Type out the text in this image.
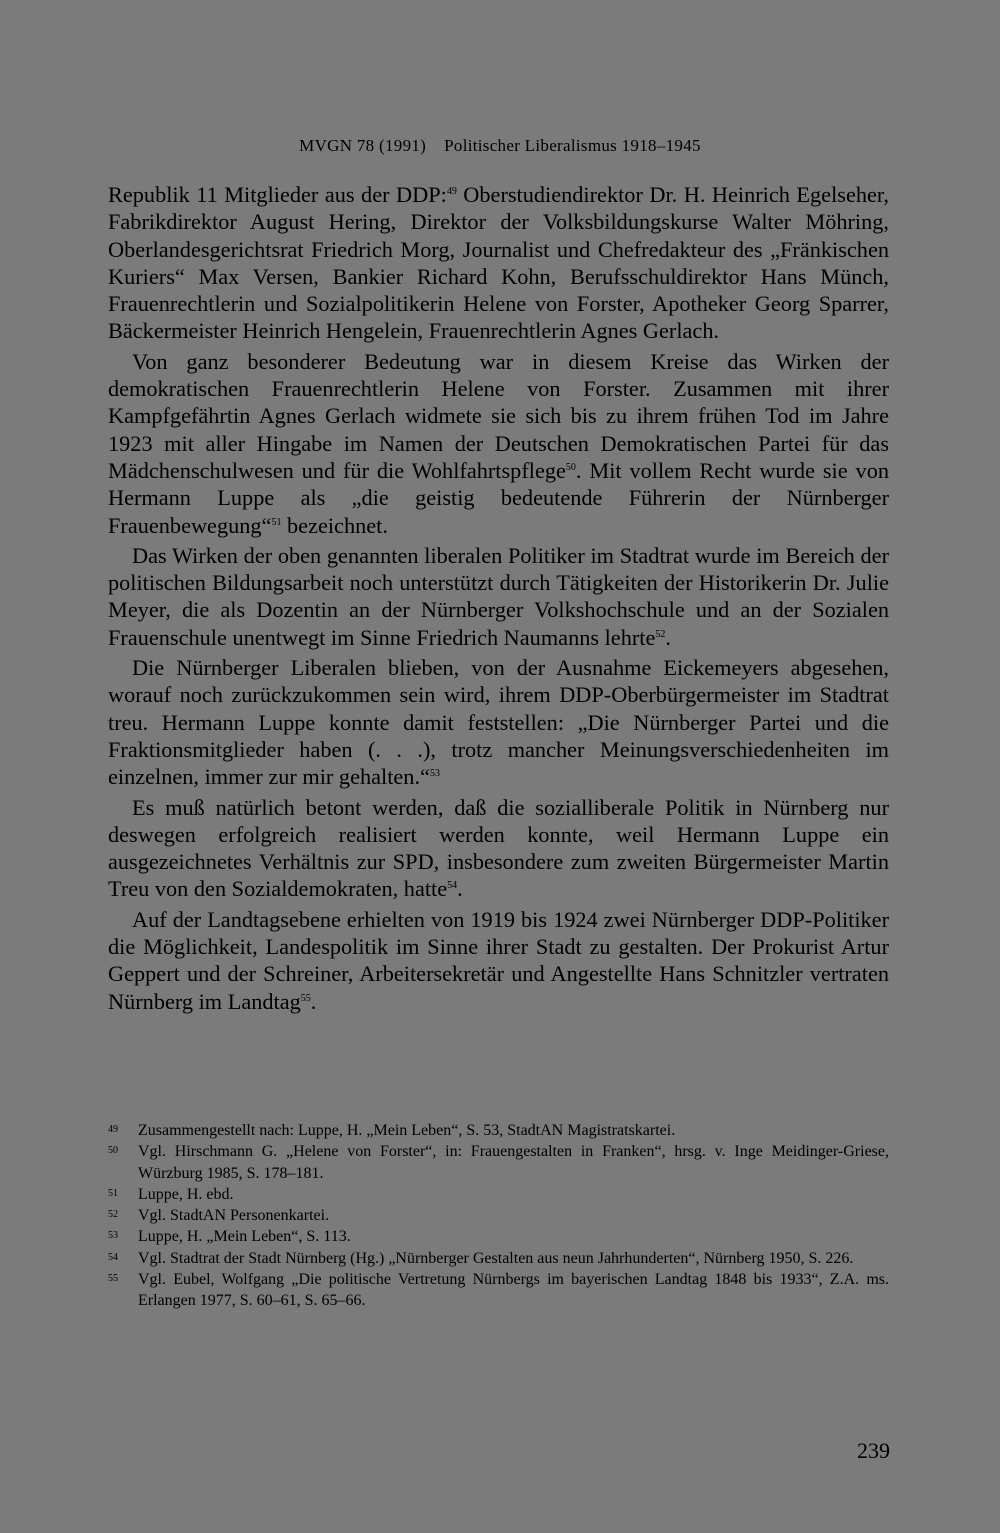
MVGN 78 (1991) Politischer Liberalismus 1918–1945

Republik 11 Mitglieder aus der DDP:$^{49}$ Oberstudiendirektor Dr. H. Heinrich Egelseher, Fabrikdirektor August Hering, Direktor der Volksbildungskurse Walter Möhring, Oberlandesgerichtsrat Friedrich Morg, Journalist und Chefredakteur des „Fränkischen Kuriers“ Max Versen, Bankier Richard Kohn, Berufsschuldirektor Hans Münch, Frauenrechtlerin und Sozialpolitikerin Helene von Forster, Apotheker Georg Sparrer, Bäckermeister Heinrich Hengelein, Frauenrechtlerin Agnes Gerlach.

Von ganz besonderer Bedeutung war in diesem Kreise das Wirken der demokratischen Frauenrechtlerin Helene von Forster. Zusammen mit ihrer Kampfgefährtin Agnes Gerlach widmete sie sich bis zu ihrem frühen Tod im Jahre 1923 mit aller Hingabe im Namen der Deutschen Demokratischen Partei für das Mädchenschulwesen und für die Wohlfahrtspflege$^{50}$. Mit vollem Recht wurde sie von Hermann Luppe als „die geistig bedeutende Führerin der Nürnberger Frauenbewegung“$^{51}$ bezeichnet.

Das Wirken der oben genannten liberalen Politiker im Stadtrat wurde im Bereich der politischen Bildungsarbeit noch unterstützt durch Tätigkeiten der Historikerin Dr. Julie Meyer, die als Dozentin an der Nürnberger Volkshochschule und an der Sozialen Frauenschule unentwegt im Sinne Friedrich Naumanns lehrte$^{52}$.

Die Nürnberger Liberalen blieben, von der Ausnahme Eickemeyers abgesehen, worauf noch zurückzukommen sein wird, ihrem DDP-Oberbürgermeister im Stadtrat treu. Hermann Luppe konnte damit feststellen: „Die Nürnberger Partei und die Fraktionsmitglieder haben (. . .), trotz mancher Meinungsverschiedenheiten im einzelnen, immer zur mir gehalten.“$^{53}$

Es muß natürlich betont werden, daß die sozialliberale Politik in Nürnberg nur deswegen erfolgreich realisiert werden konnte, weil Hermann Luppe ein ausgezeichnetes Verhältnis zur SPD, insbesondere zum zweiten Bürgermeister Martin Treu von den Sozialdemokraten, hatte$^{54}$.

Auf der Landtagsebene erhielten von 1919 bis 1924 zwei Nürnberger DDP-Politiker die Möglichkeit, Landespolitik im Sinne ihrer Stadt zu gestalten. Der Prokurist Artur Geppert und der Schreiner, Arbeitersekretär und Angestellte Hans Schnitzler vertraten Nürnberg im Landtag$^{55}$.

49	Zusammengestellt nach: Luppe, H. „Mein Leben“, S. 53, StadtAN Magistratskartei.
50	Vgl. Hirschmann G. „Helene von Forster“, in: Frauengestalten in Franken“, hrsg. v. Inge Meidinger-Griese, Würzburg 1985, S. 178–181.
51	Luppe, H. ebd.
52	Vgl. StadtAN Personenkartei.
53	Luppe, H. „Mein Leben“, S. 113.
54	Vgl. Stadtrat der Stadt Nürnberg (Hg.) „Nürnberger Gestalten aus neun Jahrhunderten“, Nürnberg 1950, S. 226.
55	Vgl. Eubel, Wolfgang „Die politische Vertretung Nürnbergs im bayerischen Landtag 1848 bis 1933“, Z.A. ms. Erlangen 1977, S. 60–61, S. 65–66.
239
